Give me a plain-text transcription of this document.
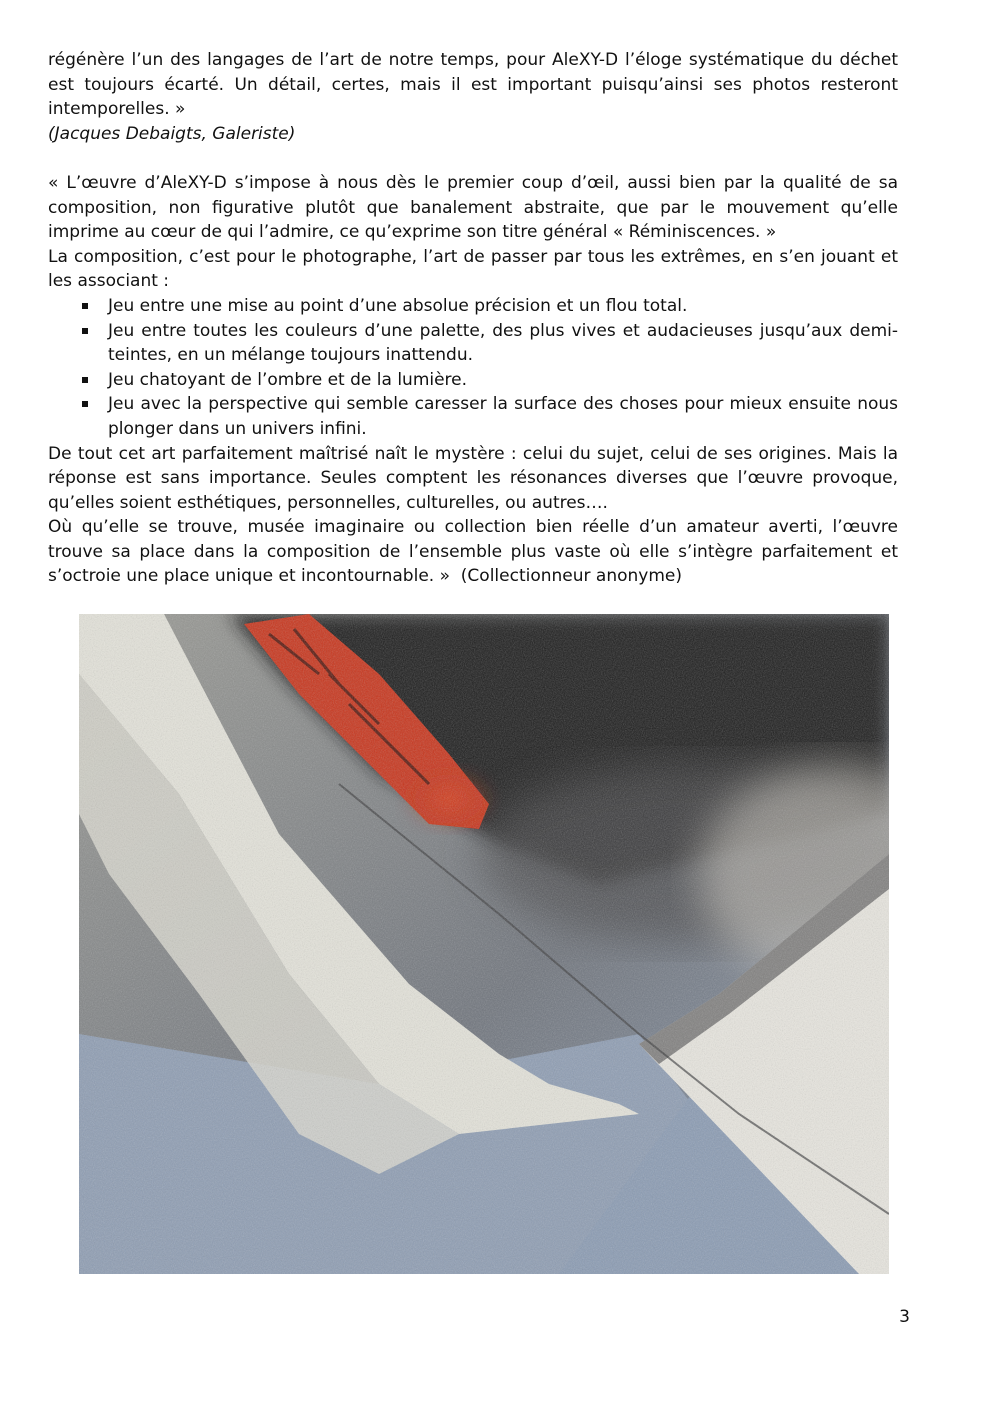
régénère l’un des langages de l’art de notre temps, pour AleXY-D l’éloge systématique du déchet est toujours écarté. Un détail, certes, mais il est important puisqu’ainsi ses photos resteront intemporelles. »

(Jacques Debaigts, Galeriste)

« L’œuvre d’AleXY-D s’impose à nous dès le premier coup d’œil, aussi bien par la qualité de sa composition, non figurative plutôt que banalement abstraite, que par le mouvement qu’elle imprime au cœur de qui l’admire, ce qu’exprime son titre général « Réminiscences. »

La composition, c’est pour le photographe, l’art de passer par tous les extrêmes, en s’en jouant et les associant :

Jeu entre une mise au point d’une absolue précision et un flou total.
Jeu entre toutes les couleurs d’une palette, des plus vives et audacieuses jusqu’aux demi-teintes, en un mélange toujours inattendu.
Jeu chatoyant de l’ombre et de la lumière.
Jeu avec la perspective qui semble caresser la surface des choses pour mieux ensuite nous plonger dans un univers infini.

De tout cet art parfaitement maîtrisé naît le mystère : celui du sujet, celui de ses origines. Mais la réponse est sans importance. Seules comptent les résonances diverses que l’œuvre provoque, qu’elles soient esthétiques, personnelles, culturelles, ou autres….

Où qu’elle se trouve, musée imaginaire ou collection bien réelle d’un amateur averti, l’œuvre trouve sa place dans la composition de l’ensemble plus vaste où elle s’intègre parfaitement et s’octroie une place unique et incontournable. » (Collectionneur anonyme)

3
